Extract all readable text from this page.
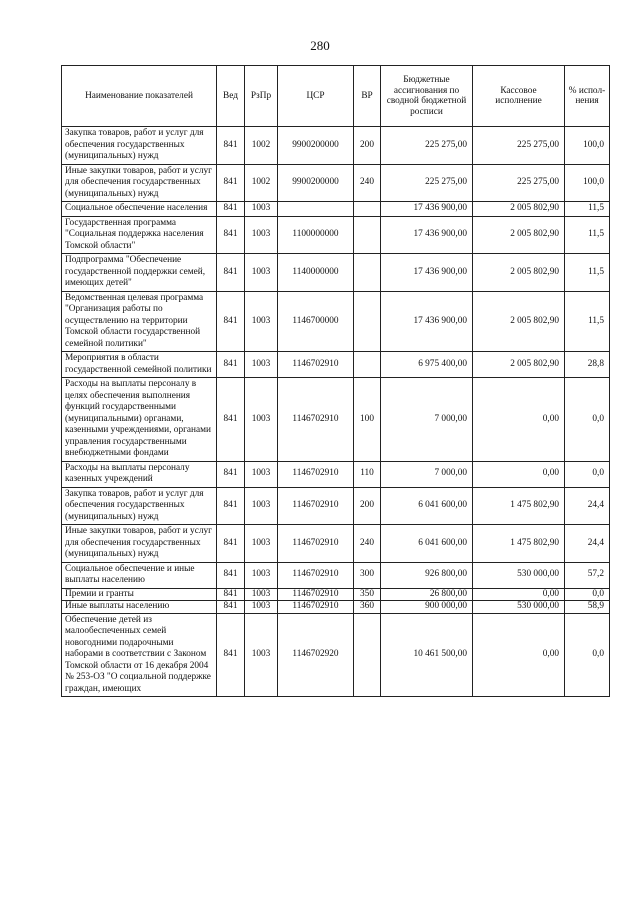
280
Наименование показателей	Вед	РзПр	ЦСР	ВР	Бюджетные ассигнования по сводной бюджетной росписи	Кассовое исполнение	% испол-нения
Закупка товаров, работ и услуг для обеспечения государственных (муниципальных) нужд	841	1002	9900200000	200	225 275,00	225 275,00	100,0
Иные закупки товаров, работ и услуг для обеспечения государственных (муниципальных) нужд	841	1002	9900200000	240	225 275,00	225 275,00	100,0
Социальное обеспечение населения	841	1003			17 436 900,00	2 005 802,90	11,5
Государственная программа "Социальная поддержка населения Томской области"	841	1003	1100000000		17 436 900,00	2 005 802,90	11,5
Подпрограмма "Обеспечение государственной поддержки семей, имеющих детей"	841	1003	1140000000		17 436 900,00	2 005 802,90	11,5
Ведомственная целевая программа "Организация работы по осуществлению на территории Томской области государственной семейной политики"	841	1003	1146700000		17 436 900,00	2 005 802,90	11,5
Мероприятия в области государственной семейной политики	841	1003	1146702910		6 975 400,00	2 005 802,90	28,8
Расходы на выплаты персоналу в целях обеспечения выполнения функций государственными (муниципальными) органами, казенными учреждениями, органами управления государственными внебюджетными фондами	841	1003	1146702910	100	7 000,00	0,00	0,0
Расходы на выплаты персоналу казенных учреждений	841	1003	1146702910	110	7 000,00	0,00	0,0
Закупка товаров, работ и услуг для обеспечения государственных (муниципальных) нужд	841	1003	1146702910	200	6 041 600,00	1 475 802,90	24,4
Иные закупки товаров, работ и услуг для обеспечения государственных (муниципальных) нужд	841	1003	1146702910	240	6 041 600,00	1 475 802,90	24,4
Социальное обеспечение и иные выплаты населению	841	1003	1146702910	300	926 800,00	530 000,00	57,2
Премии и гранты	841	1003	1146702910	350	26 800,00	0,00	0,0
Иные выплаты населению	841	1003	1146702910	360	900 000,00	530 000,00	58,9
Обеспечение детей из малообеспеченных семей новогодними подарочными наборами в соответствии с Законом Томской области от 16 декабря 2004 № 253-ОЗ "О социальной поддержке граждан, имеющих	841	1003	1146702920		10 461 500,00	0,00	0,0
